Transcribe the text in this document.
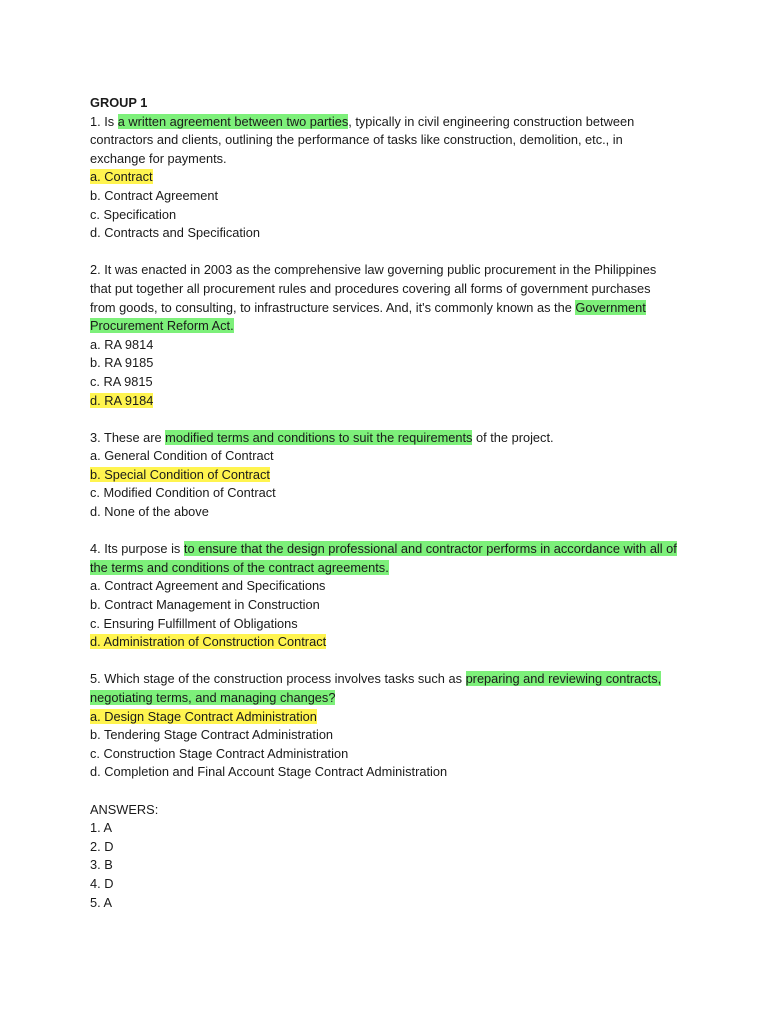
GROUP 1
1. Is a written agreement between two parties, typically in civil engineering construction between contractors and clients, outlining the performance of tasks like construction, demolition, etc., in exchange for payments.
a. Contract
b. Contract Agreement
c. Specification
d. Contracts and Specification
2. It was enacted in 2003 as the comprehensive law governing public procurement in the Philippines that put together all procurement rules and procedures covering all forms of government purchases from goods, to consulting, to infrastructure services. And, it's commonly known as the Government Procurement Reform Act.
a. RA 9814
b. RA 9185
c. RA 9815
d. RA 9184
3. These are modified terms and conditions to suit the requirements of the project.
a. General Condition of Contract
b. Special Condition of Contract
c. Modified Condition of Contract
d. None of the above
4. Its purpose is to ensure that the design professional and contractor performs in accordance with all of the terms and conditions of the contract agreements.
a. Contract Agreement and Specifications
b. Contract Management in Construction
c. Ensuring Fulfillment of Obligations
d. Administration of Construction Contract
5. Which stage of the construction process involves tasks such as preparing and reviewing contracts, negotiating terms, and managing changes?
a. Design Stage Contract Administration
b. Tendering Stage Contract Administration
c. Construction Stage Contract Administration
d. Completion and Final Account Stage Contract Administration
ANSWERS:
1. A
2. D
3. B
4. D
5. A
